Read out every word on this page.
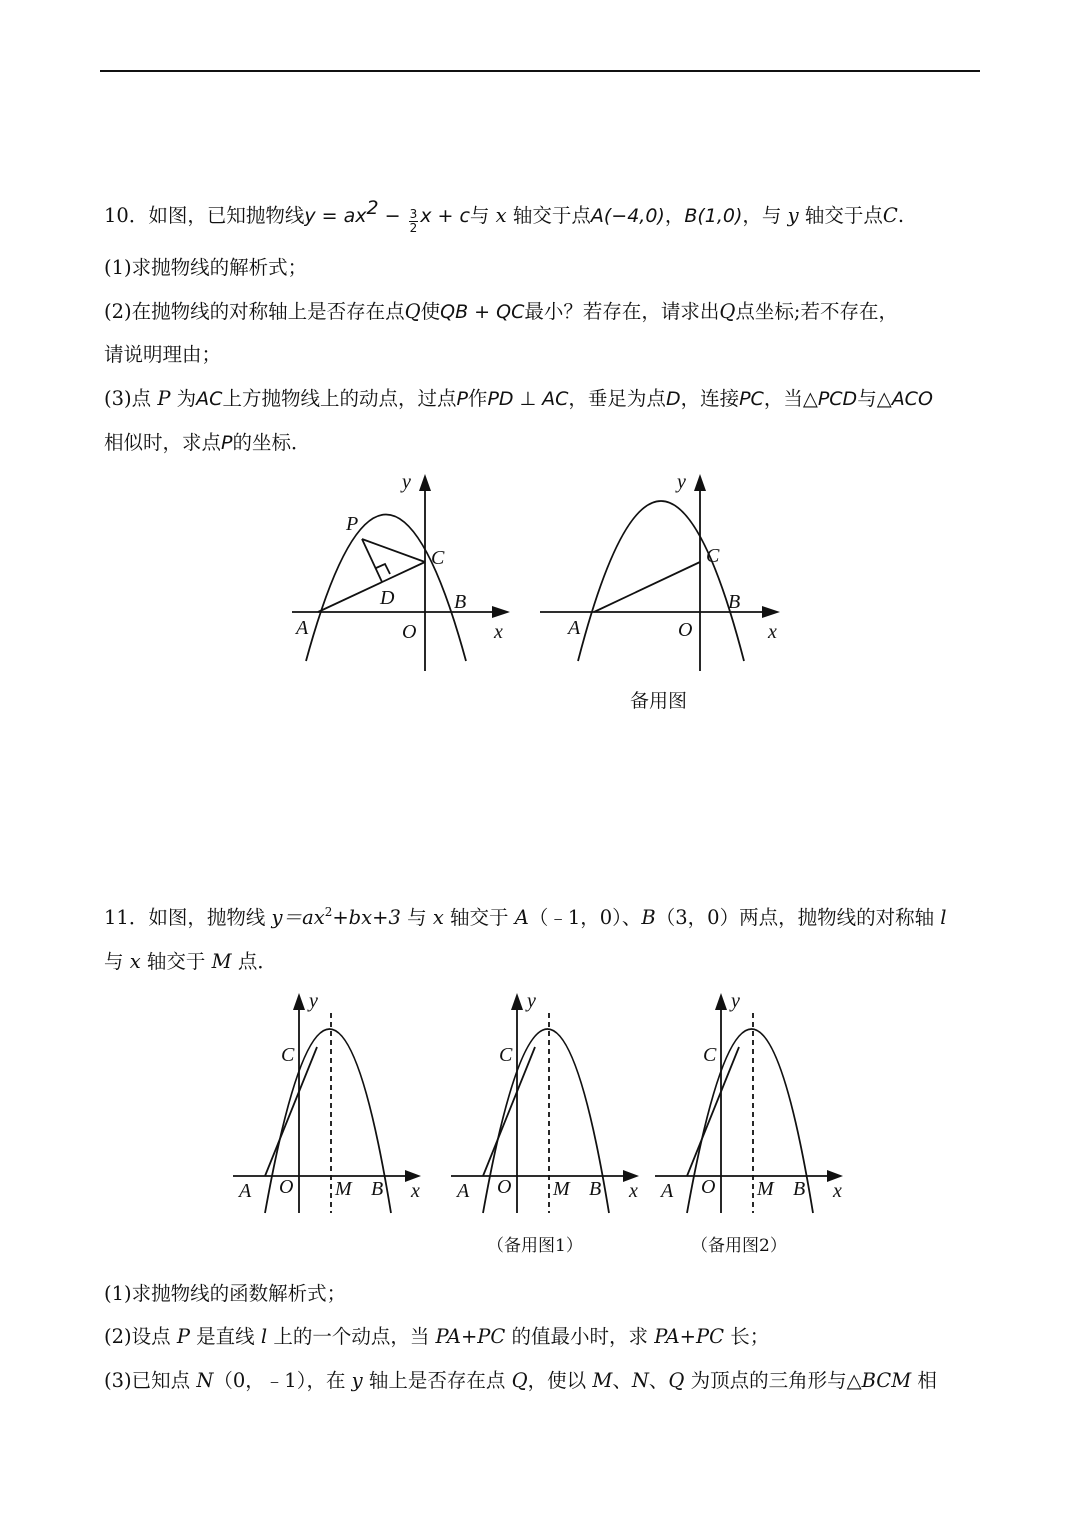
10．如图，已知抛物线$y = ax^2 - \frac{3}{2}$ x + c与 x 轴交于点A(−4,0)，B(1,0)，与 y 轴交于点C.
(1)求抛物线的解析式；
(2)在抛物线的对称轴上是否存在点Q使QB + QC最小？若存在，请求出Q点坐标;若不存在，
请说明理由；
(3)点 P 为AC上方抛物线上的动点，过点P作PD ⊥ AC，垂足为点D，连接PC，当△PCD与△ACO
相似时，求点P的坐标．
y
x
P
C
D	B
A	O
y
x
C
B
A	O
备用图
11．如图，抛物线 $y=ax^2+bx+3$ 与 x 轴交于 A（﹣1，0）、B（3，0）两点，抛物线的对称轴 l
与 x 轴交于 M 点．
y
x
C
A O M B
y
x
C
A O M B
（备用图1）
y
x
C
A O M B
（备用图2）
(1)求抛物线的函数解析式；
(2)设点 P 是直线 l 上的一个动点，当 PA+PC 的值最小时，求 PA+PC 长；
(3)已知点 N（0，﹣1），在 y 轴上是否存在点 Q，使以 M、N、Q 为顶点的三角形与△BCM 相
